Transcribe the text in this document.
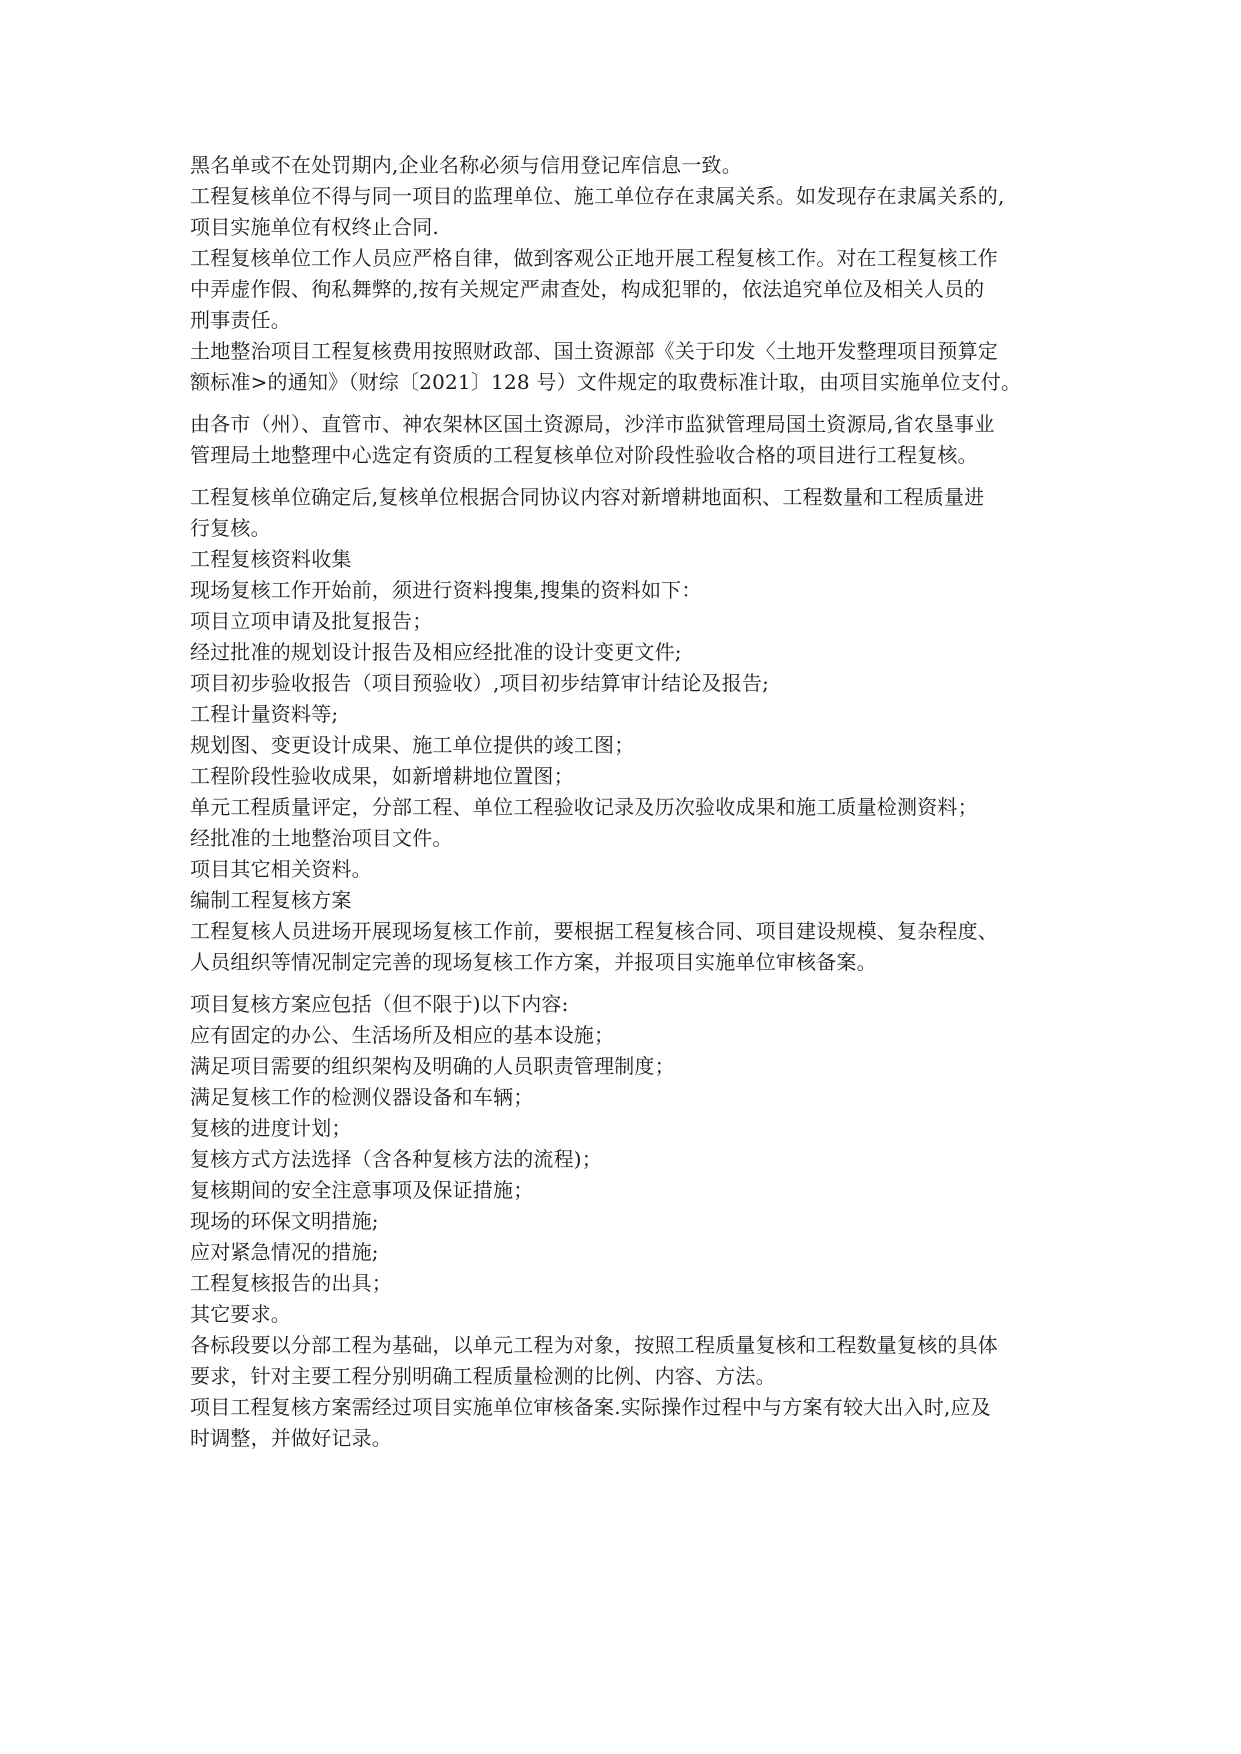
黑名单或不在处罚期内,企业名称必须与信用登记库信息一致。

工程复核单位不得与同一项目的监理单位、施工单位存在隶属关系。如发现存在隶属关系的,

项目实施单位有权终止合同.

工程复核单位工作人员应严格自律，做到客观公正地开展工程复核工作。对在工程复核工作

中弄虚作假、徇私舞弊的,按有关规定严肃查处，构成犯罪的，依法追究单位及相关人员的

刑事责任。

土地整治项目工程复核费用按照财政部、国土资源部《关于印发〈土地开发整理项目预算定

额标准>的通知》（财综〔2021〕128 号）文件规定的取费标准计取，由项目实施单位支付。

由各市（州）、直管市、神农架林区国土资源局，沙洋市监狱管理局国土资源局,省农垦事业

管理局土地整理中心选定有资质的工程复核单位对阶段性验收合格的项目进行工程复核。

工程复核单位确定后,复核单位根据合同协议内容对新增耕地面积、工程数量和工程质量进

行复核。

工程复核资料收集

现场复核工作开始前，须进行资料搜集,搜集的资料如下：

项目立项申请及批复报告；

经过批准的规划设计报告及相应经批准的设计变更文件;

项目初步验收报告（项目预验收）,项目初步结算审计结论及报告;

工程计量资料等;

规划图、变更设计成果、施工单位提供的竣工图；

工程阶段性验收成果，如新增耕地位置图；

单元工程质量评定，分部工程、单位工程验收记录及历次验收成果和施工质量检测资料；

经批准的土地整治项目文件。

项目其它相关资料。

编制工程复核方案

工程复核人员进场开展现场复核工作前，要根据工程复核合同、项目建设规模、复杂程度、

人员组织等情况制定完善的现场复核工作方案，并报项目实施单位审核备案。

项目复核方案应包括（但不限于)以下内容:

应有固定的办公、生活场所及相应的基本设施；

满足项目需要的组织架构及明确的人员职责管理制度；

满足复核工作的检测仪器设备和车辆；

复核的进度计划；

复核方式方法选择（含各种复核方法的流程)；

复核期间的安全注意事项及保证措施；

现场的环保文明措施;

应对紧急情况的措施;

工程复核报告的出具；

其它要求。

各标段要以分部工程为基础，以单元工程为对象，按照工程质量复核和工程数量复核的具体

要求，针对主要工程分别明确工程质量检测的比例、内容、方法。

项目工程复核方案需经过项目实施单位审核备案.实际操作过程中与方案有较大出入时,应及

时调整，并做好记录。
